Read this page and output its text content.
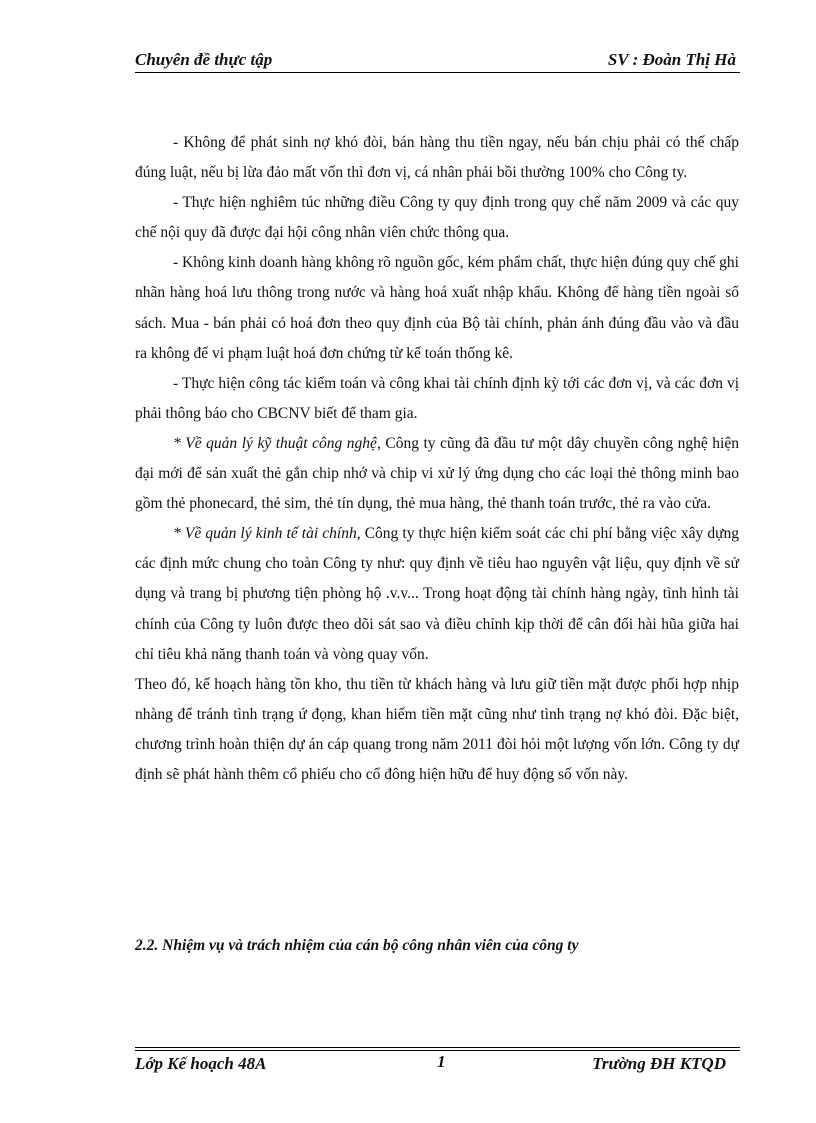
Chuyên đề thực tập	SV : Đoàn Thị Hà

- Không để phát sinh nợ khó đòi, bán hàng thu tiền ngay, nếu bán chịu phải có thế chấp đúng luật, nếu bị lừa đảo mất vốn thì đơn vị, cá nhân phải bồi thường 100% cho Công ty.

- Thực hiện nghiêm túc những điều Công ty quy định trong quy chế năm 2009 và các quy chế nội quy đã được đại hội công nhân viên chức thông qua.

- Không kinh doanh hàng không rõ nguồn gốc, kém phẩm chất, thực hiện đúng quy chế ghi nhãn hàng hoá lưu thông trong nước và hàng hoá xuất nhập khẩu. Không để hàng tiền ngoài sổ sách. Mua - bán phải có hoá đơn theo quy định của Bộ tài chính, phản ánh đúng đầu vào và đầu ra không để vi phạm luật hoá đơn chứng từ kế toán thống kê.

- Thực hiện công tác kiểm toán và công khai tài chính định kỳ tới các đơn vị, và các đơn vị phải thông báo cho CBCNV biết để tham gia.

* Về quản lý kỹ thuật công nghệ, Công ty cũng đã đầu tư một dây chuyền công nghệ hiện đại mới để sản xuất thẻ gắn chip nhớ và chip vi xử lý ứng dụng cho các loại thẻ thông minh bao gồm thẻ phonecard, thẻ sim, thẻ tín dụng, thẻ mua hàng, thẻ thanh toán trước, thẻ ra vào cửa.

* Về quản lý kinh tế tài chính, Công ty thực hiện kiểm soát các chi phí bằng việc xây dựng các định mức chung cho toàn Công ty như: quy định về tiêu hao nguyên vật liệu, quy định về sử dụng và trang bị phương tiện phòng hộ .v.v... Trong hoạt động tài chính hàng ngày, tình hình tài chính của Công ty luôn được theo dõi sát sao và điều chỉnh kịp thời để cân đối hài hũa giữa hai chỉ tiêu khả năng thanh toán và vòng quay vốn.

Theo đó, kế hoạch hàng tồn kho, thu tiền từ khách hàng và lưu giữ tiền mặt được phối hợp nhịp nhàng để tránh tình trạng ứ đọng, khan hiếm tiền mặt cũng như tình trạng nợ khó đòi. Đặc biệt, chương trình hoàn thiện dự án cáp quang trong năm 2011 đòi hỏi một lượng vốn lớn. Công ty dự định sẽ phát hành thêm cổ phiếu cho cổ đông hiện hữu để huy động số vốn này.

2.2. Nhiệm vụ và trách nhiệm của cán bộ công nhân viên của công ty
Lớp Kế hoạch 48A	1	Trường ĐH KTQD
